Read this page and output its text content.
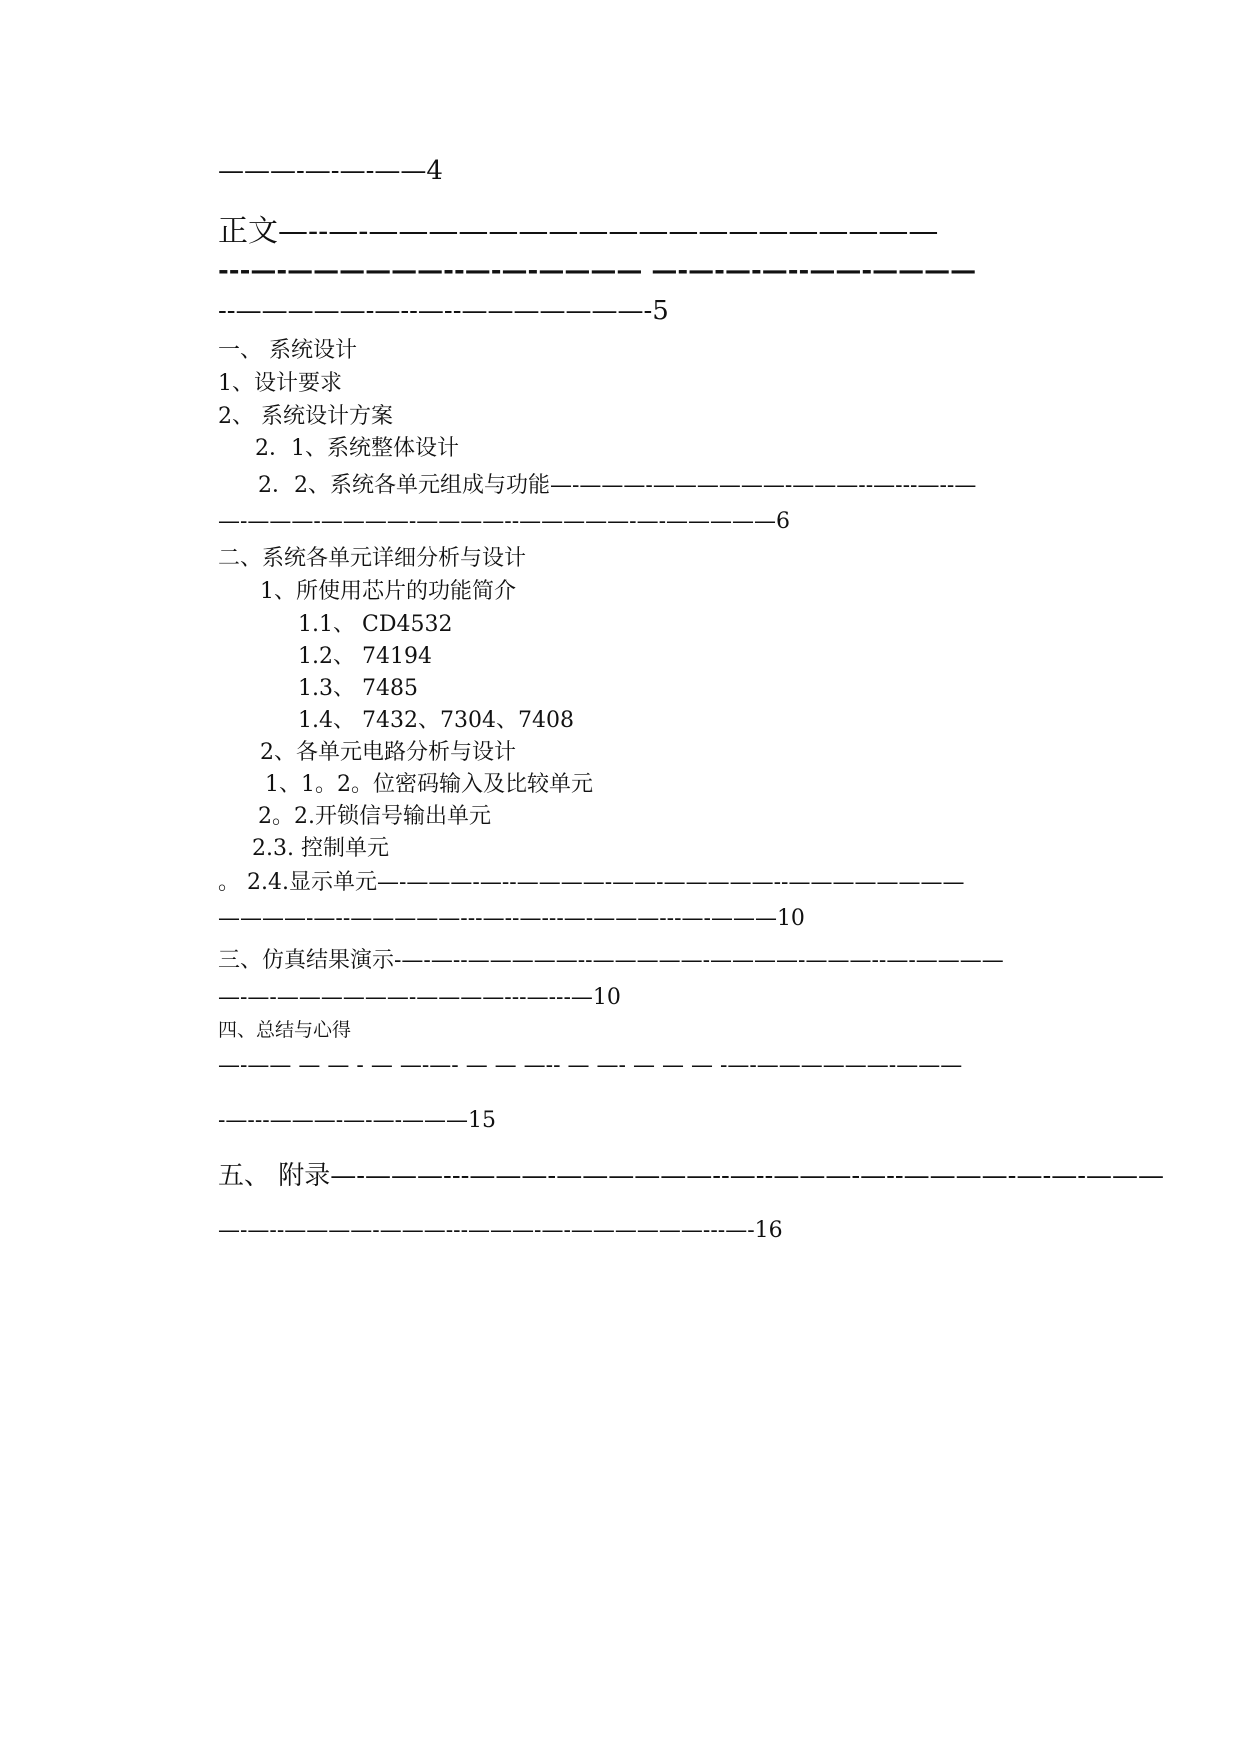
———-—-—-——4
正文—--—-———————————————————
---—-——————--—-—-———— —-—-—-—--——-————
--—————-—--—--———————-5
一、 系统设计
1、设计要求
2、 系统设计方案
2．1、系统整体设计
2．2、系统各单元组成与功能—-———-——————-———--—---—--—
—-———-————-————--—————-—-—————6
二、系统各单元详细分析与设计
1、所使用芯片的功能简介
1.1、 CD4532
1.2、 74194
1.3、 7485
1.4、 7432、7304、7408
2、各单元电路分析与设计
1、1。2。位密码输入及比较单元
2。2.开锁信号输出单元
2.3. 控制单元
。 2.4.显示单元—-———-—--————-——-—————--————————
————-—--—————---—--—---—-———---—-———10
三、仿真结果演示-—-—--—————--—————-————-———--—-————
—-—-——————-————---—---—10
四、总结与心得
—-—— — — - — —-—- — — —-- — —- — — — -—-——————-———
-—---———-—-—-———15
五、 附录—-———---———-——————--—--———-—--————-—-—-———
—-—--————-———---———-—-——————---—-16
